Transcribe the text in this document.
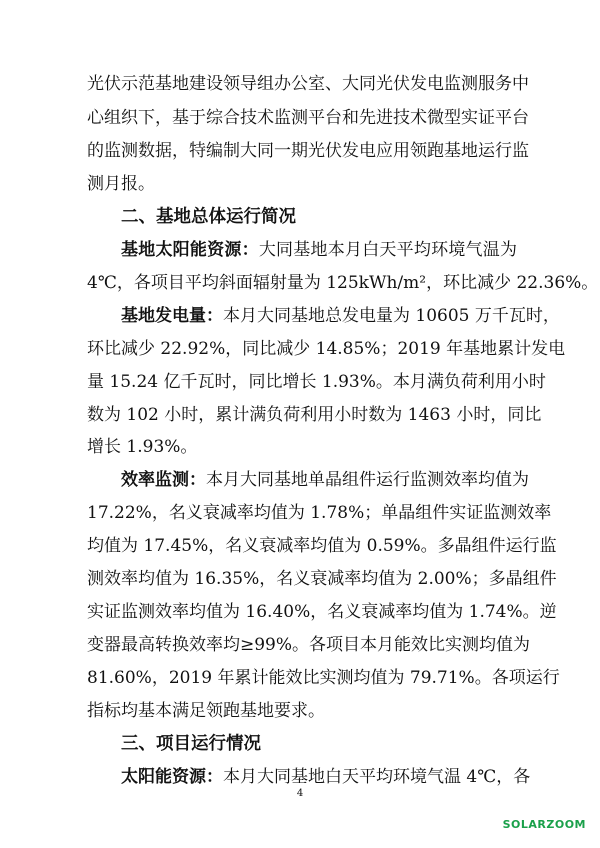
光伏示范基地建设领导组办公室、大同光伏发电监测服务中
心组织下，基于综合技术监测平台和先进技术微型实证平台
的监测数据，特编制大同一期光伏发电应用领跑基地运行监
测月报。
二、基地总体运行简况
基地太阳能资源：大同基地本月白天平均环境气温为
4℃，各项目平均斜面辐射量为 125kWh/m²，环比减少 22.36%。
基地发电量：本月大同基地总发电量为 10605 万千瓦时，
环比减少 22.92%，同比减少 14.85%；2019 年基地累计发电
量 15.24 亿千瓦时，同比增长 1.93%。本月满负荷利用小时
数为 102 小时，累计满负荷利用小时数为 1463 小时，同比
增长 1.93%。
效率监测：本月大同基地单晶组件运行监测效率均值为
17.22%，名义衰减率均值为 1.78%；单晶组件实证监测效率
均值为 17.45%，名义衰减率均值为 0.59%。多晶组件运行监
测效率均值为 16.35%，名义衰减率均值为 2.00%；多晶组件
实证监测效率均值为 16.40%，名义衰减率均值为 1.74%。逆
变器最高转换效率均≥99%。各项目本月能效比实测均值为
81.60%，2019 年累计能效比实测均值为 79.71%。各项运行
指标均基本满足领跑基地要求。
三、项目运行情况
太阳能资源：本月大同基地白天平均环境气温 4℃，各
4
SOLARZOOM
